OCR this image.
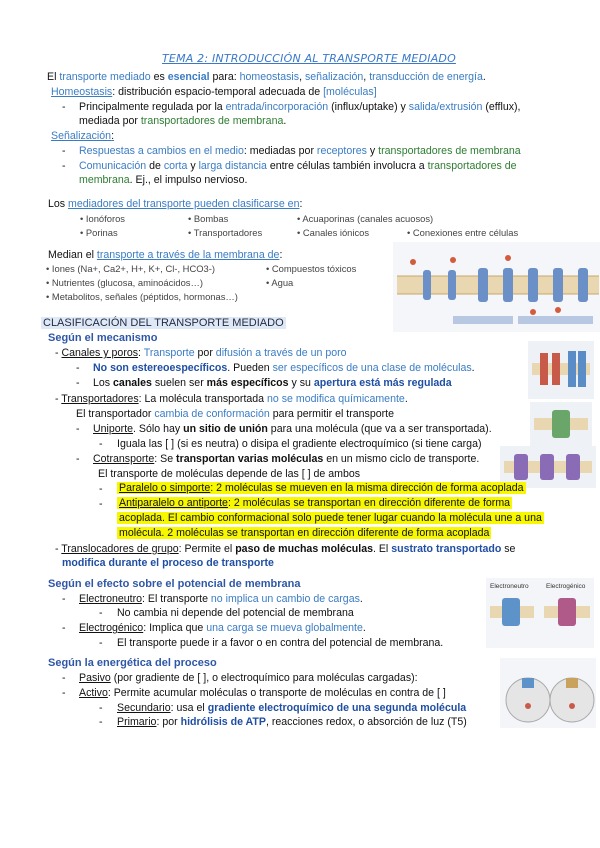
TEMA 2: INTRODUCCIÓN AL TRANSPORTE MEDIADO
El transporte mediado es esencial para: homeostasis, señalización, transducción de energía.
Homeostasis: distribución espacio-temporal adecuada de [moléculas]
- Principalmente regulada por la entrada/incorporación (influx/uptake) y salida/extrusión (efflux),
mediada por transportadores de membrana.
Señalización:
- Respuestas a cambios en el medio: mediadas por receptores y transportadores de membrana
- Comunicación de corta y larga distancia entre células también involucra a transportadores de
membrana. Ej., el impulso nervioso.
Los mediadores del transporte pueden clasificarse en:
• Ionóforos	• Bombas	• Acuaporinas (canales acuosos)
• Porinas	• Transportadores	• Canales iónicos	• Conexiones entre células
Median el transporte a través de la membrana de:
• Iones (Na+, Ca2+, H+, K+, Cl-, HCO3-)
• Nutrientes (glucosa, aminoácidos…)
• Metabolitos, señales (péptidos, hormonas…)
• Compuestos tóxicos
• Agua
CLASIFICACIÓN DEL TRANSPORTE MEDIADO
Según el mecanismo
- Canales y poros: Transporte por difusión a través de un poro
- No son estereoespecíficos. Pueden ser específicos de una clase de moléculas.
- Los canales suelen ser más específicos y su apertura está más regulada
- Transportadores: La molécula transportada no se modifica químicamente.
El transportador cambia de conformación para permitir el transporte
- Uniporte. Sólo hay un sitio de unión para una molécula (que va a ser transportada).
- Iguala las [ ] (si es neutra) o disipa el gradiente electroquímico (si tiene carga)
- Cotransporte: Se transportan varias moléculas en un mismo ciclo de transporte.
El transporte de moléculas depende de las [ ] de ambos
- Paralelo o simporte: 2 moléculas se mueven en la misma dirección de forma acoplada
- Antiparalelo o antiporte: 2 moléculas se transportan en dirección diferente de forma
acoplada. El cambio conformacional solo puede tener lugar cuando la molécula une a una
molécula. 2 moléculas se transportan en dirección diferente de forma acoplada
- Translocadores de grupo: Permite el paso de muchas moléculas. El sustrato transportado se
modifica durante el proceso de transporte
Según el efecto sobre el potencial de membrana
- Electroneutro: El transporte no implica un cambio de cargas.
- No cambia ni depende del potencial de membrana
- Electrogénico: Implica que una carga se mueva globalmente.
- El transporte puede ir a favor o en contra del potencial de membrana.
Electroneutro	Electrogénico
Según la energética del proceso
- Pasivo (por gradiente de [ ], o electroquímico para moléculas cargadas):
- Activo: Permite acumular moléculas o transporte de moléculas en contra de [ ]
- Secundario: usa el gradiente electroquímico de una segunda molécula
- Primario: por hidrólisis de ATP, reacciones redox, o absorción de luz (T5)
